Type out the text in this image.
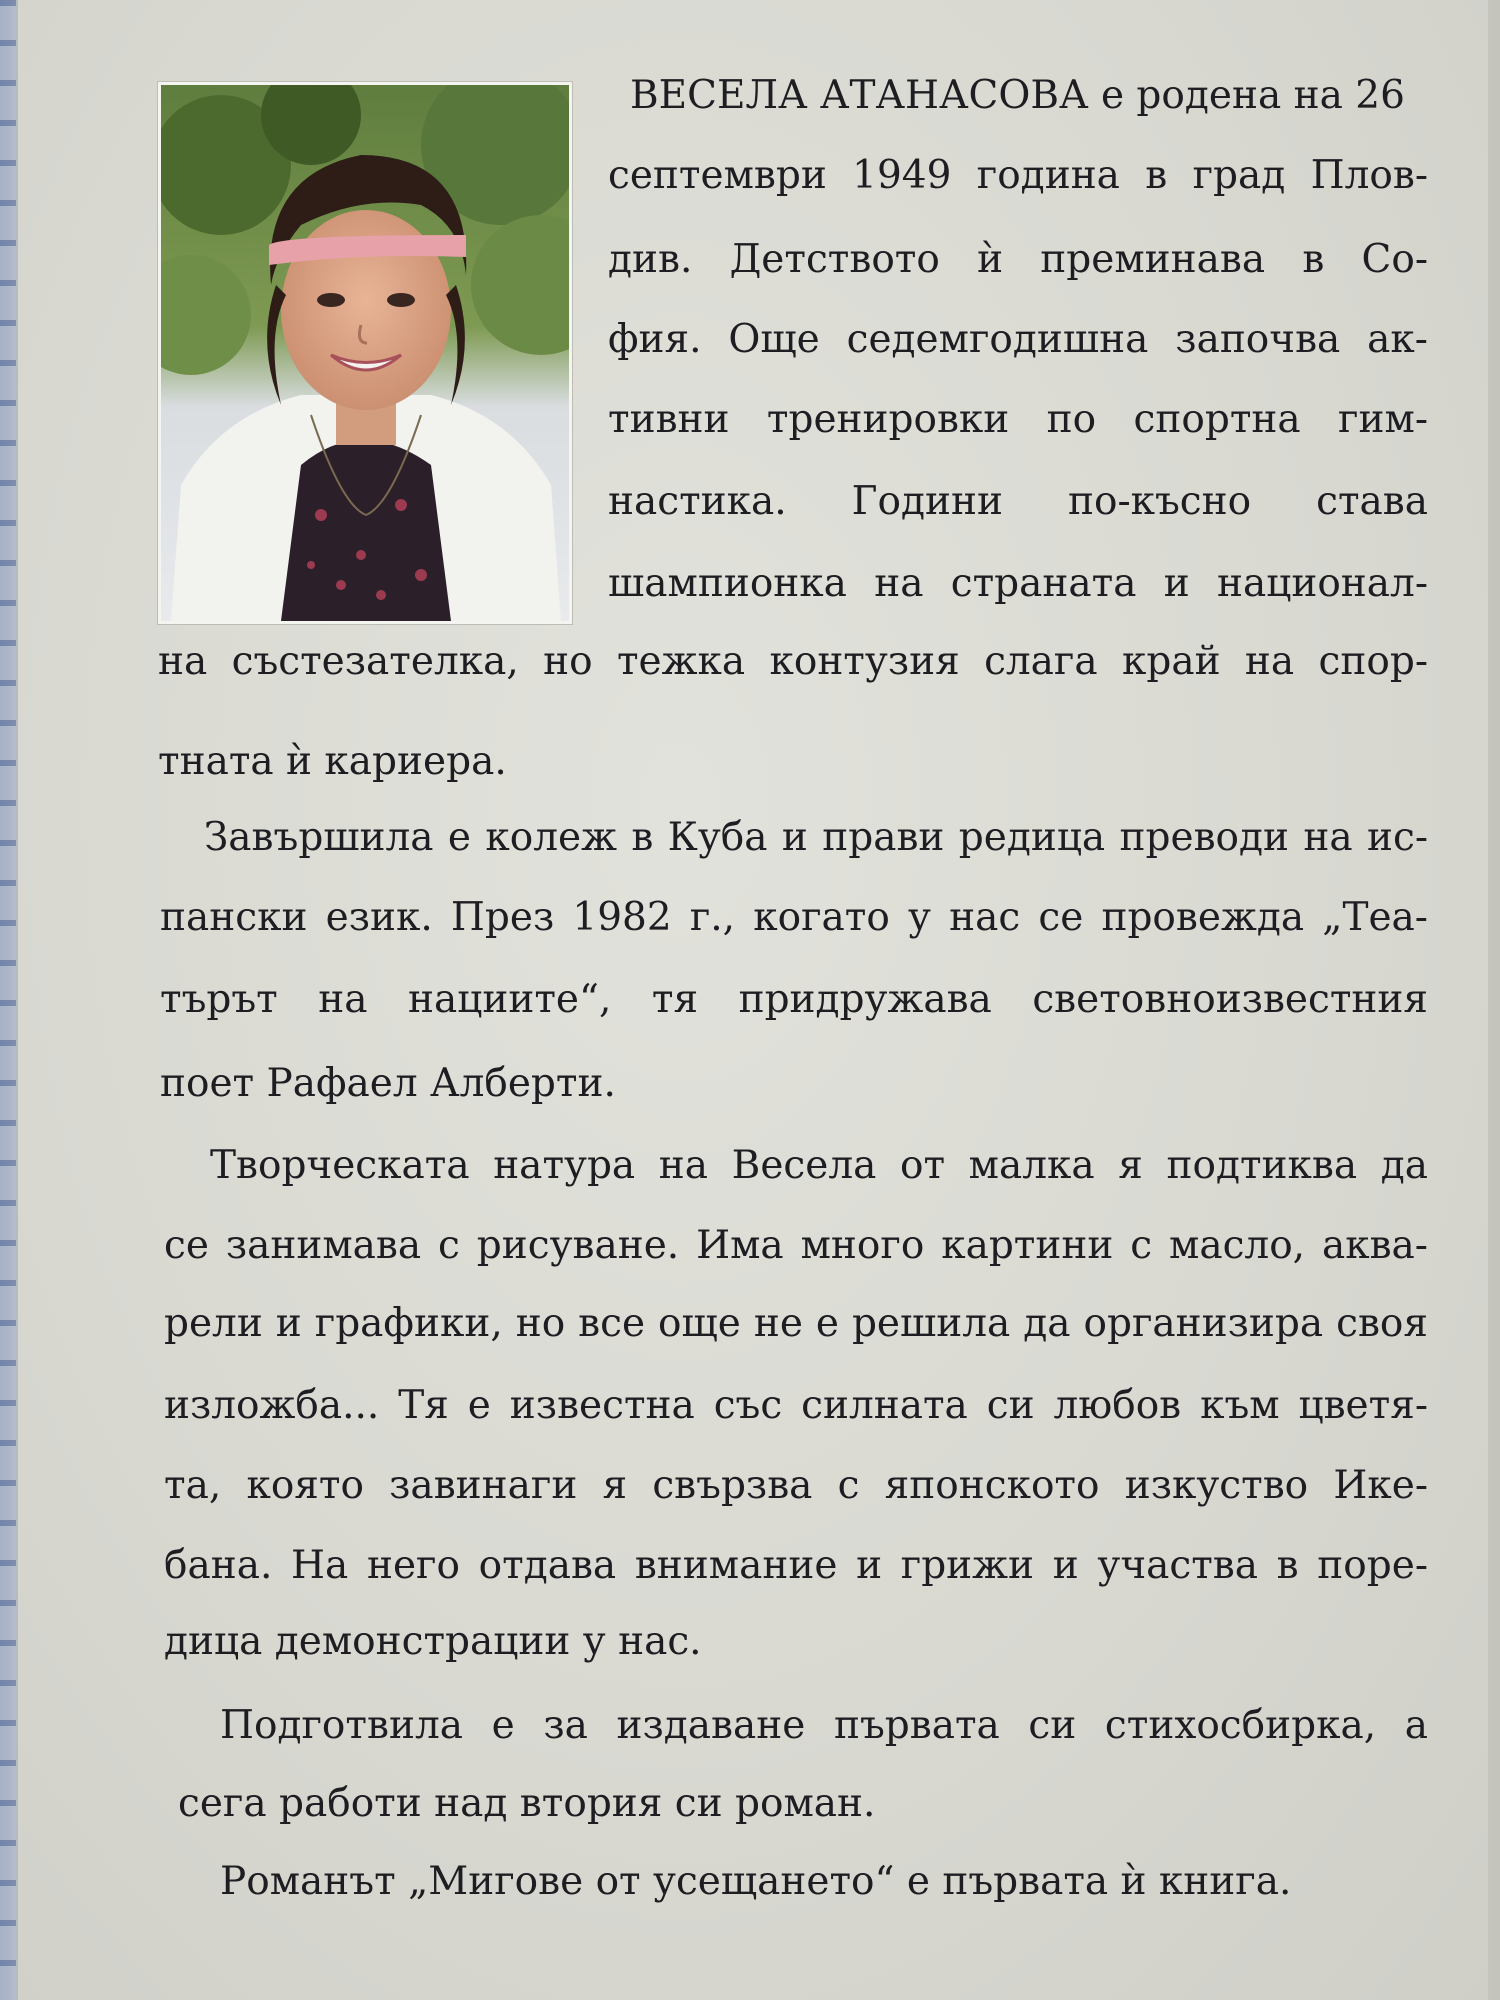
ВЕСЕЛА АТАНАСОВА е родена на 26
септември 1949 година в град Плов-
див. Детството ѝ преминава в Со-
фия. Още седемгодишна започва ак-
тивни тренировки по спортна гим-
настика. Години по-късно става
шампионка на страната и национал-
на състезателка, но тежка контузия слага край на спор-
тната ѝ кариера.
Завършила е колеж в Куба и прави редица преводи на ис-
пански език. През 1982 г., когато у нас се провежда „Теа-
търът на нациите“, тя придружава световноизвестния
поет Рафаел Алберти.
Творческата натура на Весела от малка я подтиква да
се занимава с рисуване. Има много картини с масло, аква-
рели и графики, но все още не е решила да организира своя
изложба... Тя е известна със силната си любов към цветя-
та, която завинаги я свързва с японското изкуство Ике-
бана. На него отдава внимание и грижи и участва в поре-
дица демонстрации у нас.
Подготвила е за издаване първата си стихосбирка, а
сега работи над втория си роман.
Романът „Мигове от усещането“ е първата ѝ книга.
